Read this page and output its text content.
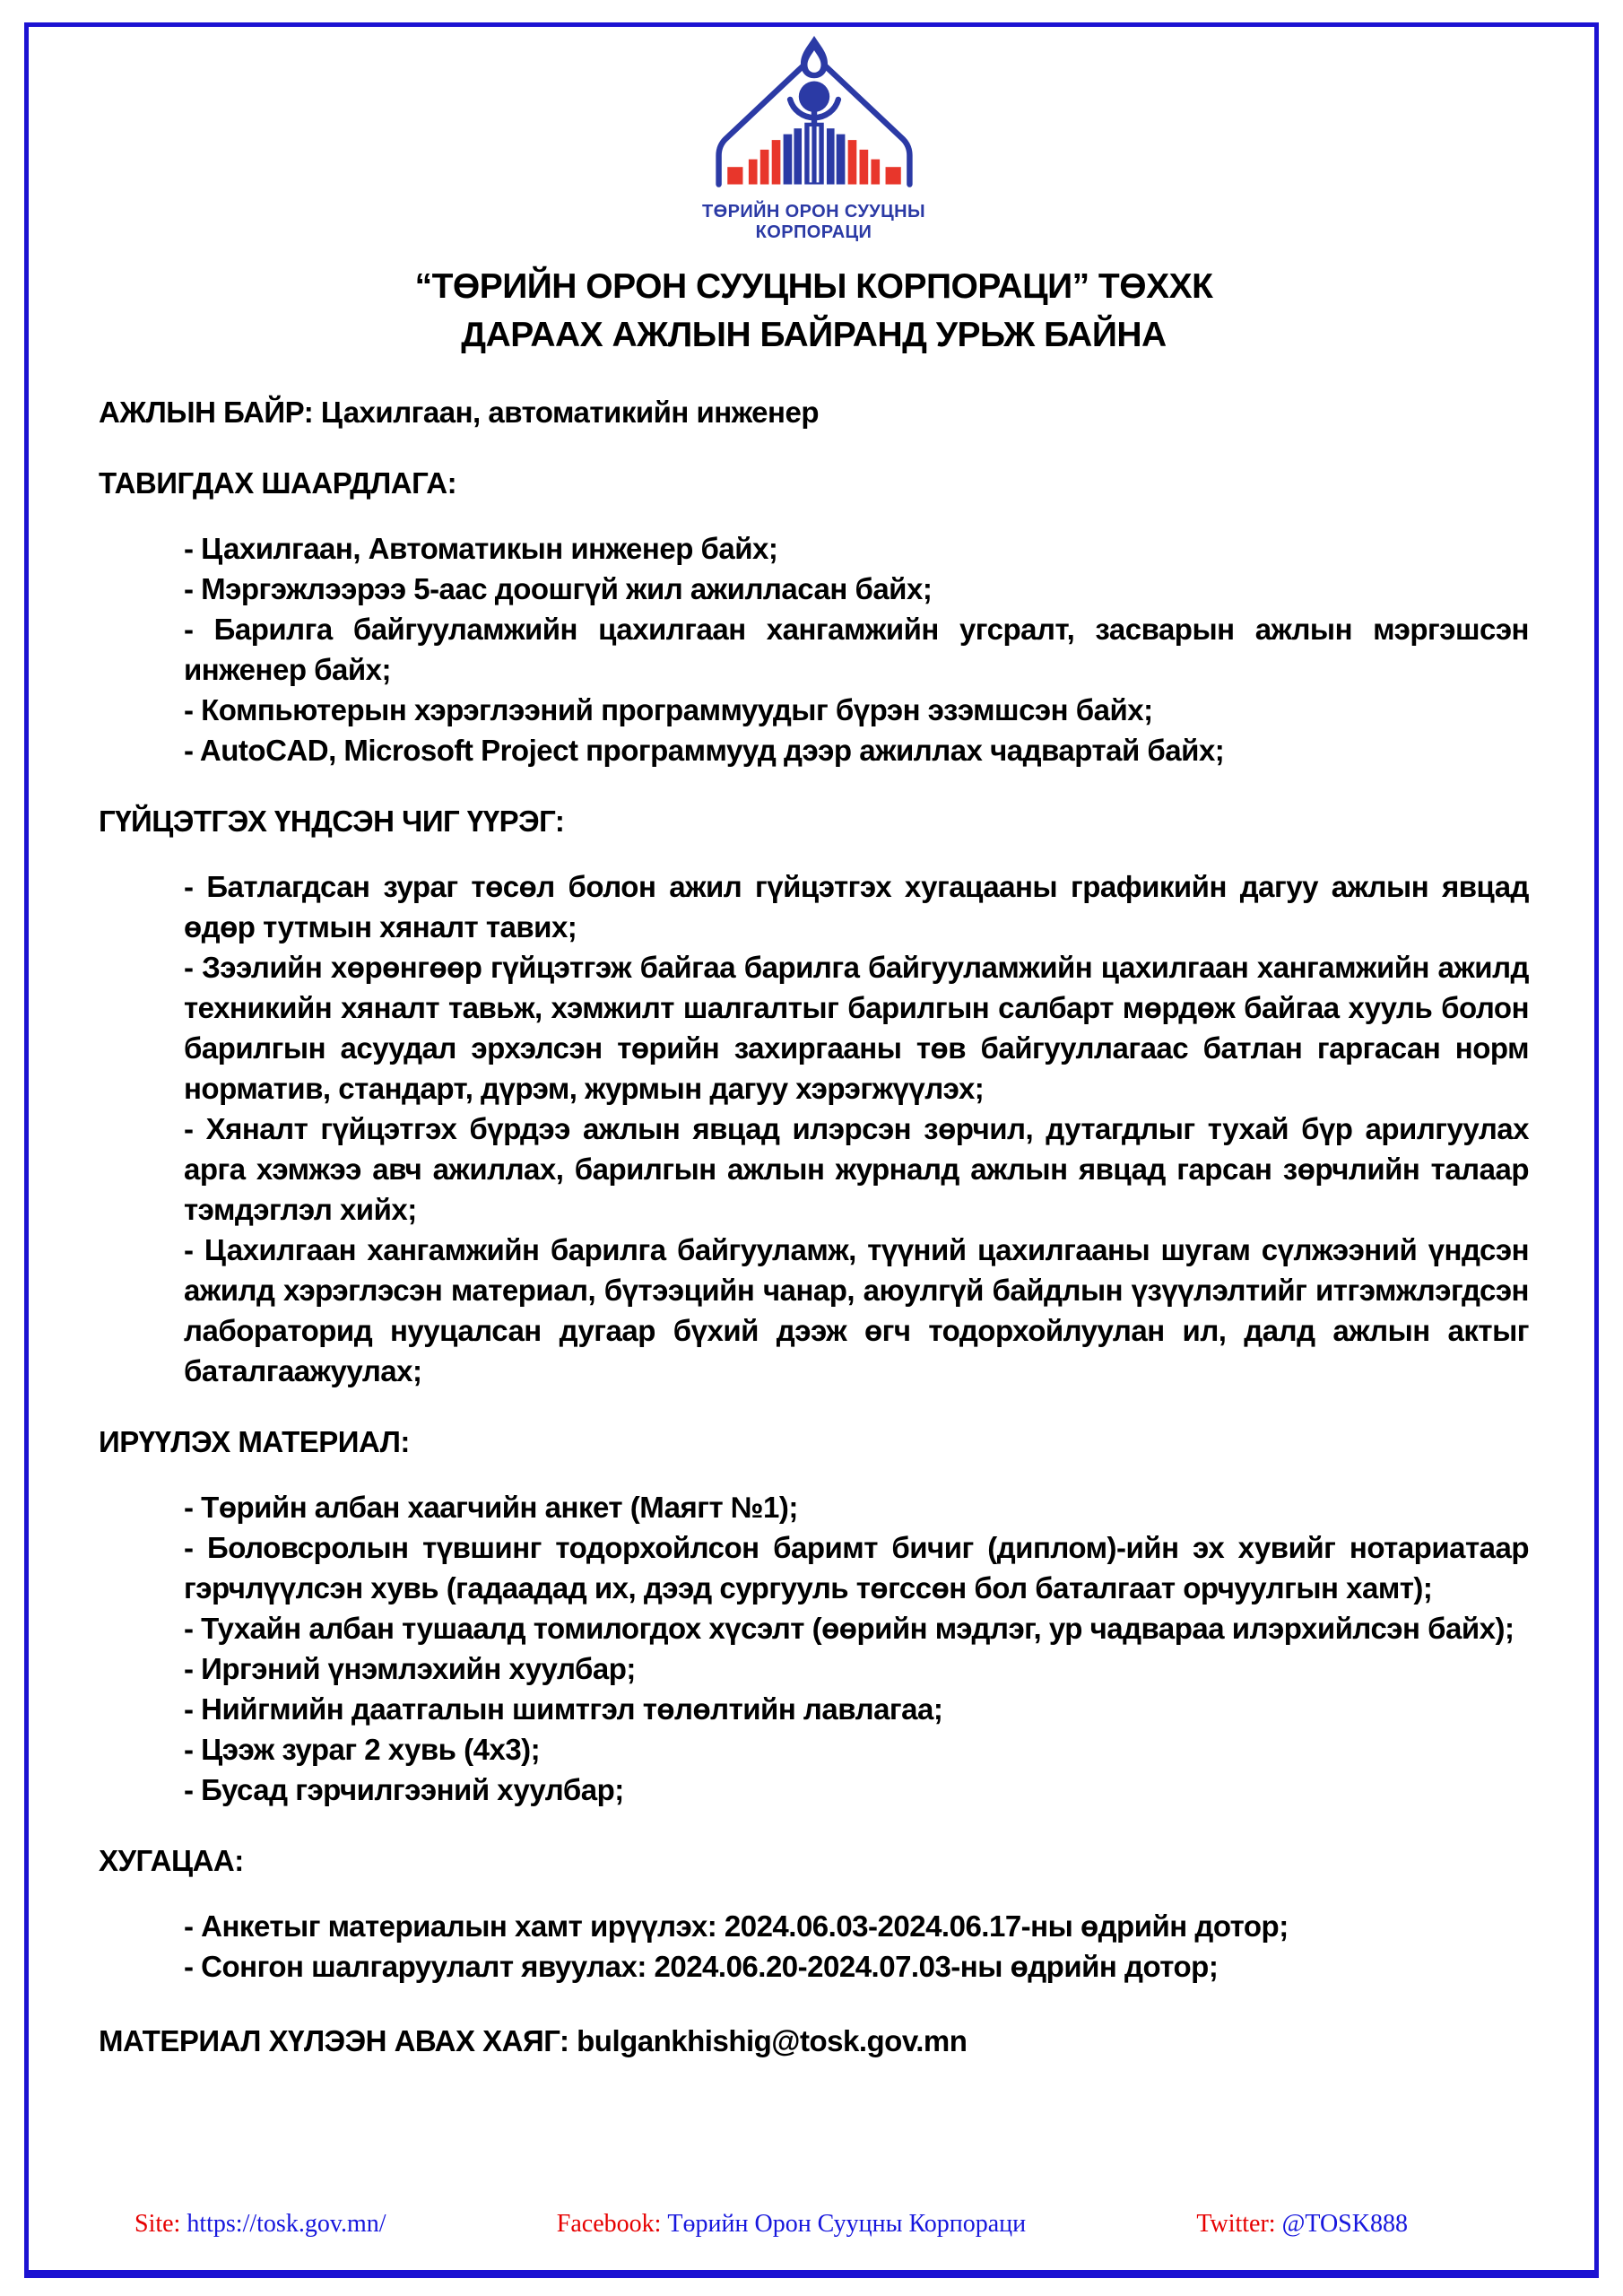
ТӨРИЙН ОРОН СУУЦНЫ
КОРПОРАЦИ
“ТӨРИЙН ОРОН СУУЦНЫ КОРПОРАЦИ” ТӨХХК
ДАРААХ АЖЛЫН БАЙРАНД УРЬЖ БАЙНА

АЖЛЫН БАЙР: Цахилгаан, автоматикийн инженер

ТАВИГДАХ ШААРДЛАГА:

- Цахилгаан, Автоматикын инженер байх;

- Мэргэжлээрээ 5-аас доошгүй жил ажилласан байх;

- Барилга байгууламжийн цахилгаан хангамжийн угсралт, засварын ажлын мэргэшсэн инженер байх;

- Компьютерын хэрэглээний программуудыг бүрэн эзэмшсэн байх;

- AutoCAD, Microsoft Project программууд дээр ажиллах чадвартай байх;

ГҮЙЦЭТГЭХ ҮНДСЭН ЧИГ ҮҮРЭГ:

- Батлагдсан зураг төсөл болон ажил гүйцэтгэх хугацааны графикийн дагуу ажлын явцад өдөр тутмын хяналт тавих;

- Зээлийн хөрөнгөөр гүйцэтгэж байгаа барилга байгууламжийн цахилгаан хангамжийн ажилд техникийн хяналт тавьж, хэмжилт шалгалтыг барилгын салбарт мөрдөж байгаа хууль болон барилгын асуудал эрхэлсэн төрийн захиргааны төв байгууллагаас батлан гаргасан норм норматив, стандарт, дүрэм, журмын дагуу хэрэгжүүлэх;

- Хяналт гүйцэтгэх бүрдээ ажлын явцад илэрсэн зөрчил, дутагдлыг тухай бүр арилгуулах арга хэмжээ авч ажиллах, барилгын ажлын журналд ажлын явцад гарсан зөрчлийн талаар тэмдэглэл хийх;

- Цахилгаан хангамжийн барилга байгууламж, түүний цахилгааны шугам сүлжээний үндсэн ажилд хэрэглэсэн материал, бүтээцийн чанар, аюулгүй байдлын үзүүлэлтийг итгэмжлэгдсэн лабораторид нууцалсан дугаар бүхий дээж өгч тодорхойлуулан ил, далд ажлын актыг баталгаажуулах;

ИРҮҮЛЭХ МАТЕРИАЛ:

- Төрийн албан хаагчийн анкет (Маягт №1);

- Боловсролын түвшинг тодорхойлсон баримт бичиг (диплом)-ийн эх хувийг нотариатаар гэрчлүүлсэн хувь (гадаадад их, дээд сургууль төгссөн бол баталгаат орчуулгын хамт);

- Тухайн албан тушаалд томилогдох хүсэлт (өөрийн мэдлэг, ур чадвараа илэрхийлсэн байх);

- Иргэний үнэмлэхийн хуулбар;

- Нийгмийн даатгалын шимтгэл төлөлтийн лавлагаа;

- Цээж зураг 2 хувь (4x3);

- Бусад гэрчилгээний хуулбар;

ХУГАЦАА:

- Анкетыг материалын хамт ирүүлэх: 2024.06.03-2024.06.17-ны өдрийн дотор;

- Сонгон шалгаруулалт явуулах: 2024.06.20-2024.07.03-ны өдрийн дотор;

МАТЕРИАЛ ХҮЛЭЭН АВАХ ХАЯГ: bulgankhishig@tosk.gov.mn

Site: https://tosk.gov.mn/	Facebook: Төрийн Орон Сууцны Корпораци	Twitter: @TOSK888
